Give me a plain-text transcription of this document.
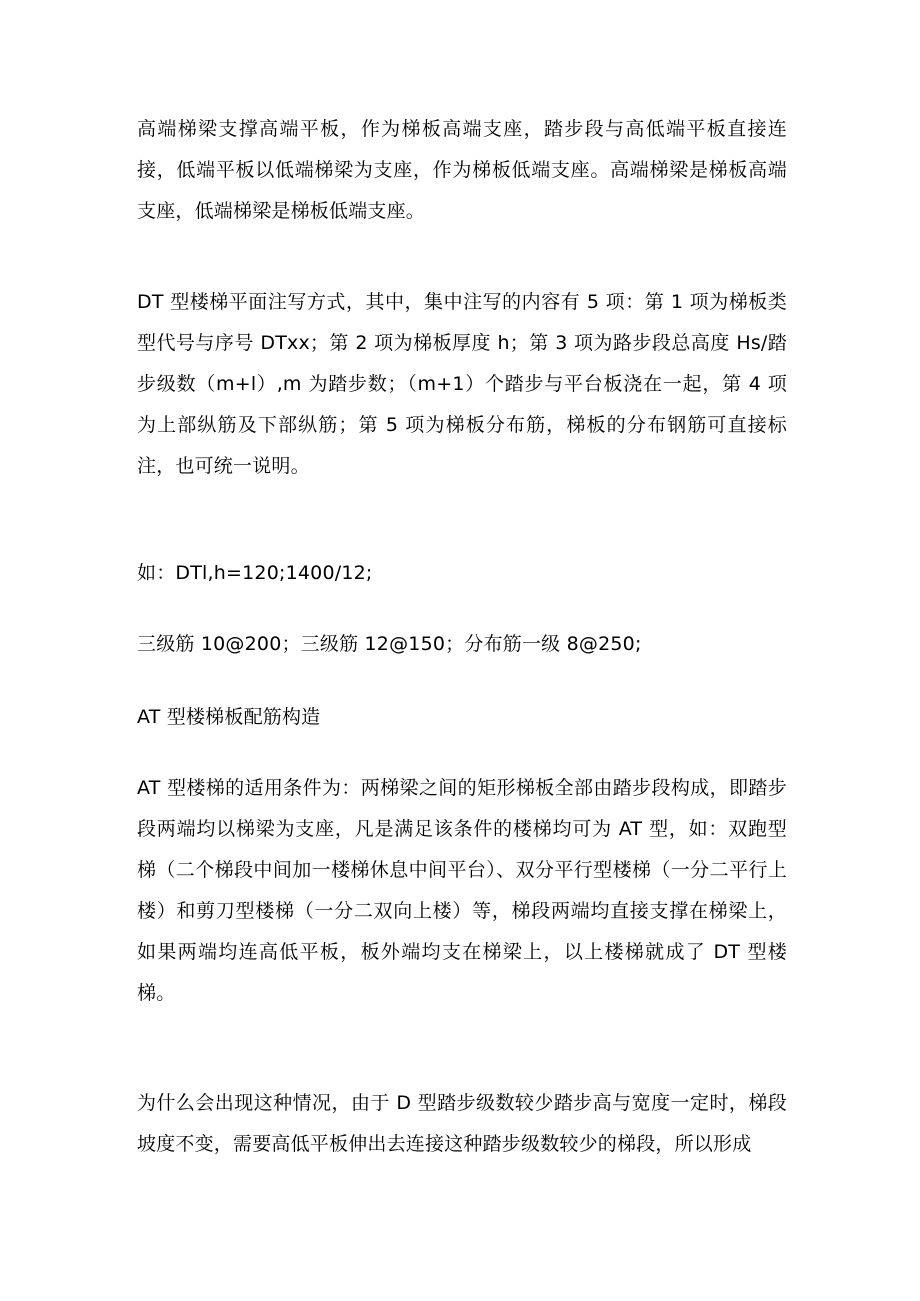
高端梯梁支撑高端平板，作为梯板高端支座，踏步段与高低端平板直接连接，低端平板以低端梯梁为支座，作为梯板低端支座。高端梯梁是梯板高端支座，低端梯梁是梯板低端支座。

DT 型楼梯平面注写方式，其中，集中注写的内容有 5 项：第 1 项为梯板类型代号与序号 DTxx；第 2 项为梯板厚度 h；第 3 项为路步段总高度 Hs/踏步级数（m+l）,m 为踏步数；（m+1）个踏步与平台板浇在一起，第 4 项为上部纵筋及下部纵筋；第 5 项为梯板分布筋，梯板的分布钢筋可直接标注，也可统一说明。

如：DTl,h=120;1400/12;

三级筋 10@200；三级筋 12@150；分布筋一级 8@250;

AT 型楼梯板配筋构造

AT 型楼梯的适用条件为：两梯梁之间的矩形梯板全部由踏步段构成，即踏步段两端均以梯梁为支座，凡是满足该条件的楼梯均可为 AT 型，如：双跑型梯（二个梯段中间加一楼梯休息中间平台）、双分平行型楼梯（一分二平行上楼）和剪刀型楼梯（一分二双向上楼）等，梯段两端均直接支撑在梯梁上，如果两端均连高低平板，板外端均支在梯梁上，以上楼梯就成了 DT 型楼梯。

为什么会出现这种情况，由于 D 型踏步级数较少踏步高与宽度一定时，梯段坡度不变，需要高低平板伸出去连接这种踏步级数较少的梯段，所以形成
